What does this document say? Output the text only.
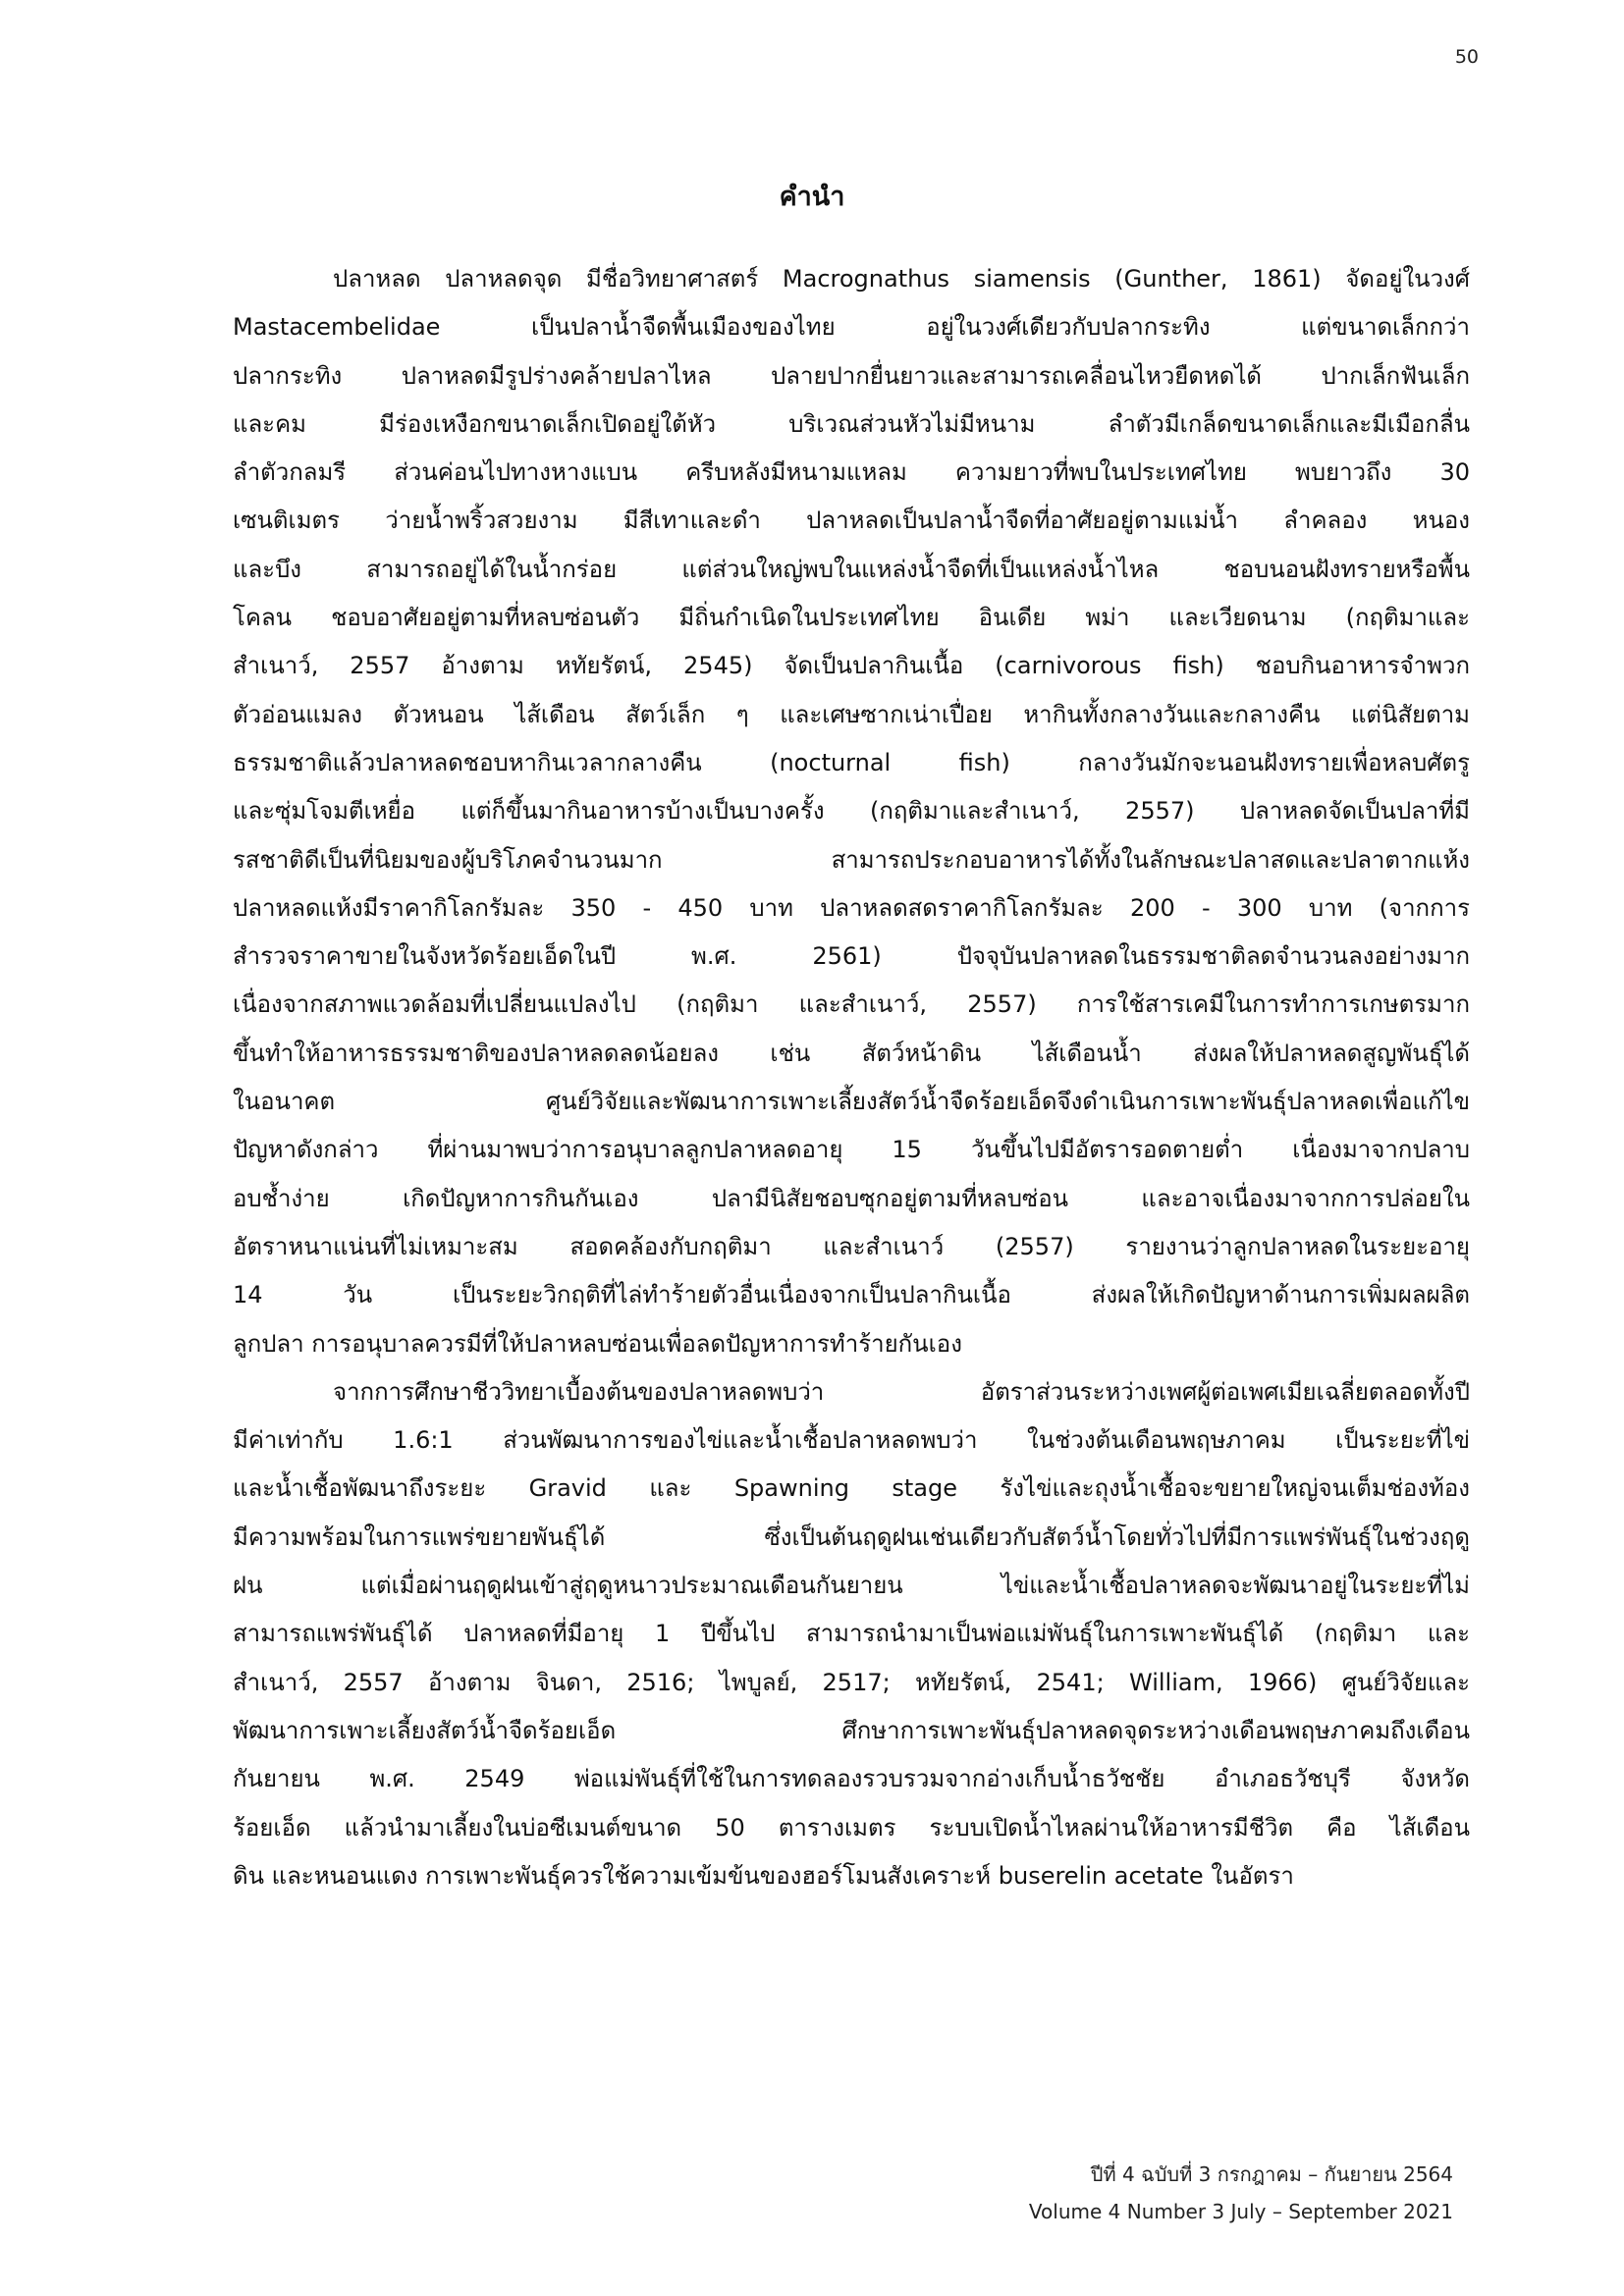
50
คำนำ
ปลาหลด ปลาหลดจุด มีชื่อวิทยาศาสตร์ Macrognathus siamensis (Gunther, 1861) จัดอยู่ในวงศ์
Mastacembelidae เป็นปลาน้ำจืดพื้นเมืองของไทย อยู่ในวงศ์เดียวกับปลากระทิง แต่ขนาดเล็กกว่า
ปลากระทิง ปลาหลดมีรูปร่างคล้ายปลาไหล ปลายปากยื่นยาวและสามารถเคลื่อนไหวยืดหดได้ ปากเล็กฟันเล็ก
และคม มีร่องเหงือกขนาดเล็กเปิดอยู่ใต้หัว บริเวณส่วนหัวไม่มีหนาม ลำตัวมีเกล็ดขนาดเล็กและมีเมือกลื่น
ลำตัวกลมรี ส่วนค่อนไปทางหางแบน ครีบหลังมีหนามแหลม ความยาวที่พบในประเทศไทย พบยาวถึง 30
เซนติเมตร ว่ายน้ำพริ้วสวยงาม มีสีเทาและดำ ปลาหลดเป็นปลาน้ำจืดที่อาศัยอยู่ตามแม่น้ำ ลำคลอง หนอง
และบึง สามารถอยู่ได้ในน้ำกร่อย แต่ส่วนใหญ่พบในแหล่งน้ำจืดที่เป็นแหล่งน้ำไหล ชอบนอนฝังทรายหรือพื้น
โคลน ชอบอาศัยอยู่ตามที่หลบซ่อนตัว มีถิ่นกำเนิดในประเทศไทย อินเดีย พม่า และเวียดนาม (กฤติมาและ
สำเนาว์, 2557 อ้างตาม หทัยรัตน์, 2545) จัดเป็นปลากินเนื้อ (carnivorous fish) ชอบกินอาหารจำพวก
ตัวอ่อนแมลง ตัวหนอน ไส้เดือน สัตว์เล็ก ๆ และเศษซากเน่าเปื่อย หากินทั้งกลางวันและกลางคืน แต่นิสัยตาม
ธรรมชาติแล้วปลาหลดชอบหากินเวลากลางคืน (nocturnal fish) กลางวันมักจะนอนฝังทรายเพื่อหลบศัตรู
และซุ่มโจมตีเหยื่อ แต่ก็ขึ้นมากินอาหารบ้างเป็นบางครั้ง (กฤติมาและสำเนาว์, 2557) ปลาหลดจัดเป็นปลาที่มี
รสชาติดีเป็นที่นิยมของผู้บริโภคจำนวนมาก สามารถประกอบอาหารได้ทั้งในลักษณะปลาสดและปลาตากแห้ง
ปลาหลดแห้งมีราคากิโลกรัมละ 350 - 450 บาท ปลาหลดสดราคากิโลกรัมละ 200 - 300 บาท (จากการ
สำรวจราคาขายในจังหวัดร้อยเอ็ดในปี พ.ศ. 2561) ปัจจุบันปลาหลดในธรรมชาติลดจำนวนลงอย่างมาก
เนื่องจากสภาพแวดล้อมที่เปลี่ยนแปลงไป (กฤติมา และสำเนาว์, 2557) การใช้สารเคมีในการทำการเกษตรมาก
ขึ้นทำให้อาหารธรรมชาติของปลาหลดลดน้อยลง เช่น สัตว์หน้าดิน ไส้เดือนน้ำ ส่งผลให้ปลาหลดสูญพันธุ์ได้
ในอนาคต ศูนย์วิจัยและพัฒนาการเพาะเลี้ยงสัตว์น้ำจืดร้อยเอ็ดจึงดำเนินการเพาะพันธุ์ปลาหลดเพื่อแก้ไข
ปัญหาดังกล่าว ที่ผ่านมาพบว่าการอนุบาลลูกปลาหลดอายุ 15 วันขึ้นไปมีอัตรารอดตายต่ำ เนื่องมาจากปลาบ
อบช้ำง่าย เกิดปัญหาการกินกันเอง ปลามีนิสัยชอบซุกอยู่ตามที่หลบซ่อน และอาจเนื่องมาจากการปล่อยใน
อัตราหนาแน่นที่ไม่เหมาะสม สอดคล้องกับกฤติมา และสำเนาว์ (2557) รายงานว่าลูกปลาหลดในระยะอายุ
14 วัน เป็นระยะวิกฤติที่ไล่ทำร้ายตัวอื่นเนื่องจากเป็นปลากินเนื้อ ส่งผลให้เกิดปัญหาด้านการเพิ่มผลผลิต
ลูกปลา การอนุบาลควรมีที่ให้ปลาหลบซ่อนเพื่อลดปัญหาการทำร้ายกันเอง
จากการศึกษาชีววิทยาเบื้องต้นของปลาหลดพบว่า อัตราส่วนระหว่างเพศผู้ต่อเพศเมียเฉลี่ยตลอดทั้งปี
มีค่าเท่ากับ 1.6:1 ส่วนพัฒนาการของไข่และน้ำเชื้อปลาหลดพบว่า ในช่วงต้นเดือนพฤษภาคม เป็นระยะที่ไข่
และน้ำเชื้อพัฒนาถึงระยะ Gravid และ Spawning stage รังไข่และถุงน้ำเชื้อจะขยายใหญ่จนเต็มช่องท้อง
มีความพร้อมในการแพร่ขยายพันธุ์ได้ ซึ่งเป็นต้นฤดูฝนเช่นเดียวกับสัตว์น้ำโดยทั่วไปที่มีการแพร่พันธุ์ในช่วงฤดู
ฝน แต่เมื่อผ่านฤดูฝนเข้าสู่ฤดูหนาวประมาณเดือนกันยายน ไข่และน้ำเชื้อปลาหลดจะพัฒนาอยู่ในระยะที่ไม่
สามารถแพร่พันธุ์ได้ ปลาหลดที่มีอายุ 1 ปีขึ้นไป สามารถนำมาเป็นพ่อแม่พันธุ์ในการเพาะพันธุ์ได้ (กฤติมา และ
สำเนาว์, 2557 อ้างตาม จินดา, 2516; ไพบูลย์, 2517; หทัยรัตน์, 2541; William, 1966) ศูนย์วิจัยและ
พัฒนาการเพาะเลี้ยงสัตว์น้ำจืดร้อยเอ็ด ศึกษาการเพาะพันธุ์ปลาหลดจุดระหว่างเดือนพฤษภาคมถึงเดือน
กันยายน พ.ศ. 2549 พ่อแม่พันธุ์ที่ใช้ในการทดลองรวบรวมจากอ่างเก็บน้ำธวัชชัย อำเภอธวัชบุรี จังหวัด
ร้อยเอ็ด แล้วนำมาเลี้ยงในบ่อซีเมนต์ขนาด 50 ตารางเมตร ระบบเปิดน้ำไหลผ่านให้อาหารมีชีวิต คือ ไส้เดือน
ดิน และหนอนแดง การเพาะพันธุ์ควรใช้ความเข้มข้นของฮอร์โมนสังเคราะห์ buserelin acetate ในอัตรา
ปีที่ 4 ฉบับที่ 3 กรกฎาคม – กันยายน 2564
Volume 4 Number 3 July – September 2021
